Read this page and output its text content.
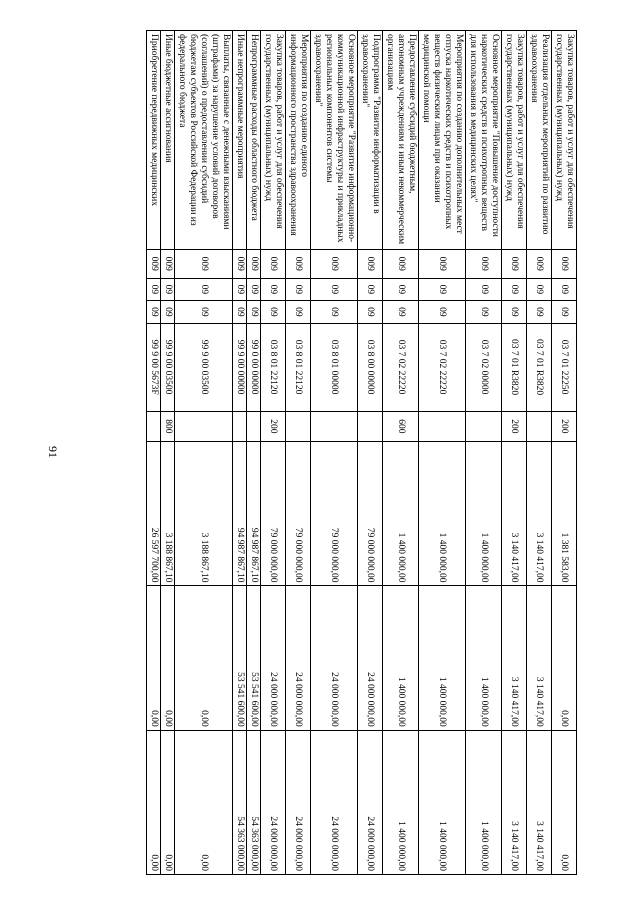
91
Закупка товаров, работ и услуг для обеспечения государственных (муниципальных) нужд	009	09	09	03 7 01 22250	200	1 381 583,00	0,00	0,00
Реализация отдельных мероприятий по развитию здравоохранения	009	09	09	03 7 01 R3820		3 140 417,00	3 140 417,00	3 140 417,00
Закупка товаров, работ и услуг для обеспечения государственных (муниципальных) нужд	009	09	09	03 7 01 R3820	200	3 140 417,00	3 140 417,00	3 140 417,00
Основное мероприятие "Повышение доступности наркотических средств и психотропных веществ для использования в медицинских целях"	009	09	09	03 7 02 00000		1 400 000,00	1 400 000,00	1 400 000,00
Мероприятия по созданию дополнительных мест отпуска наркотических средств и психотропных веществ физическим лицам при оказании медицинской помощи	009	09	09	03 7 02 22220		1 400 000,00	1 400 000,00	1 400 000,00
Предоставление субсидий бюджетным, автономным учреждениям и иным некоммерческим организациям	009	09	09	03 7 02 22220	600	1 400 000,00	1 400 000,00	1 400 000,00
Подпрограмма "Развитие информатизации в здравоохранении"	009	09	09	03 8 00 00000		79 000 000,00	24 000 000,00	24 000 000,00
Основное мероприятие "Развитие информационно-коммуникационной инфраструктуры и прикладных региональных компонентов системы здравоохранения"	009	09	09	03 8 01 00000		79 000 000,00	24 000 000,00	24 000 000,00
Мероприятия по созданию единого информационного пространства здравоохранения	009	09	09	03 8 01 22120		79 000 000,00	24 000 000,00	24 000 000,00
Закупка товаров, работ и услуг для обеспечения государственных (муниципальных) нужд	009	09	09	03 8 01 22120	200	79 000 000,00	24 000 000,00	24 000 000,00
Непрограммные расходы областного бюджета	009	09	09	99 0 00 00000		94 987 867,10	53 541 600,00	54 363 000,00
Иные непрограммные мероприятия	009	09	09	99 9 00 00000		94 987 867,10	53 541 600,00	54 363 000,00
Выплаты, связанные с денежными взысканиями (штрафами) за нарушение условий договоров (соглашений) о предоставлении субсидий бюджетам субъектов Российской Федерации из федерального бюджета	009	09	09	99 9 00 03500		3 188 867,10	0,00	0,00
Иные бюджетные ассигнования	009	09	09	99 9 00 03500	800	3 188 867,10	0,00	0,00
Приобретение передвижных медицинских	009	09	09	99 9 00 5673F		26 597 700,00	0,00	0,00
